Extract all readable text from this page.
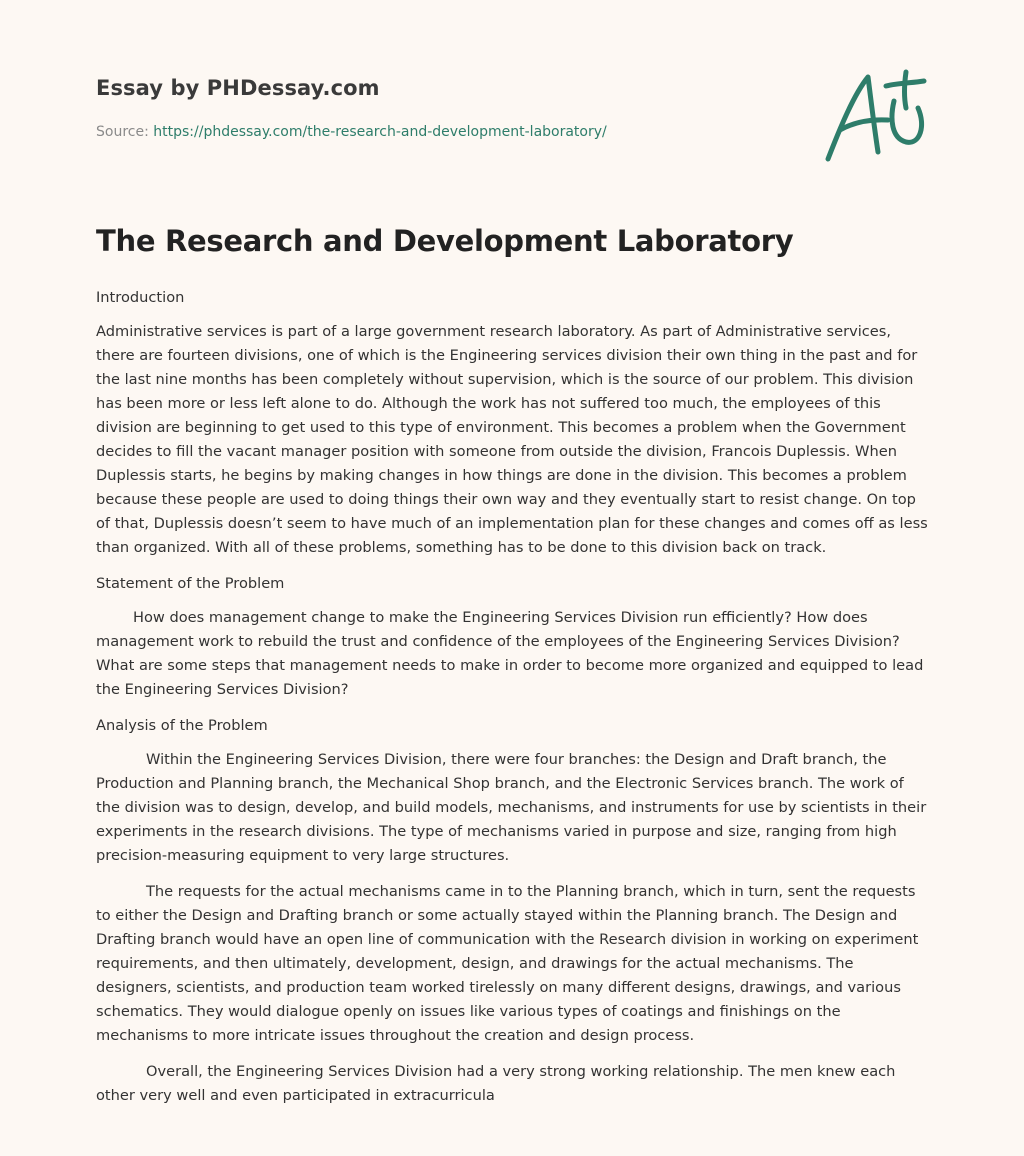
Essay by PHDessay.com
Source: https://phdessay.com/the-research-and-development-laboratory/
The Research and Development Laboratory

Introduction

Administrative services is part of a large government research laboratory. As part of Administrative services, there are fourteen divisions, one of which is the Engineering services division their own thing in the past and for the last nine months has been completely without supervision, which is the source of our problem. This division has been more or less left alone to do. Although the work has not suffered too much, the employees of this division are beginning to get used to this type of environment. This becomes a problem when the Government decides to fill the vacant manager position with someone from outside the division, Francois Duplessis. When Duplessis starts, he begins by making changes in how things are done in the division. This becomes a problem because these people are used to doing things their own way and they eventually start to resist change. On top of that, Duplessis doesn’t seem to have much of an implementation plan for these changes and comes off as less than organized. With all of these problems, something has to be done to this division back on track.

Statement of the Problem

How does management change to make the Engineering Services Division run efficiently? How does management work to rebuild the trust and confidence of the employees of the Engineering Services Division? What are some steps that management needs to make in order to become more organized and equipped to lead the Engineering Services Division?

Analysis of the Problem

Within the Engineering Services Division, there were four branches: the Design and Draft branch, the Production and Planning branch, the Mechanical Shop branch, and the Electronic Services branch. The work of the division was to design, develop, and build models, mechanisms, and instruments for use by scientists in their experiments in the research divisions. The type of mechanisms varied in purpose and size, ranging from high precision-measuring equipment to very large structures.

The requests for the actual mechanisms came in to the Planning branch, which in turn, sent the requests to either the Design and Drafting branch or some actually stayed within the Planning branch. The Design and Drafting branch would have an open line of communication with the Research division in working on experiment requirements, and then ultimately, development, design, and drawings for the actual mechanisms. The designers, scientists, and production team worked tirelessly on many different designs, drawings, and various schematics. They would dialogue openly on issues like various types of coatings and finishings on the mechanisms to more intricate issues throughout the creation and design process.

Overall, the Engineering Services Division had a very strong working relationship. The men knew each other very well and even participated in extracurricula
